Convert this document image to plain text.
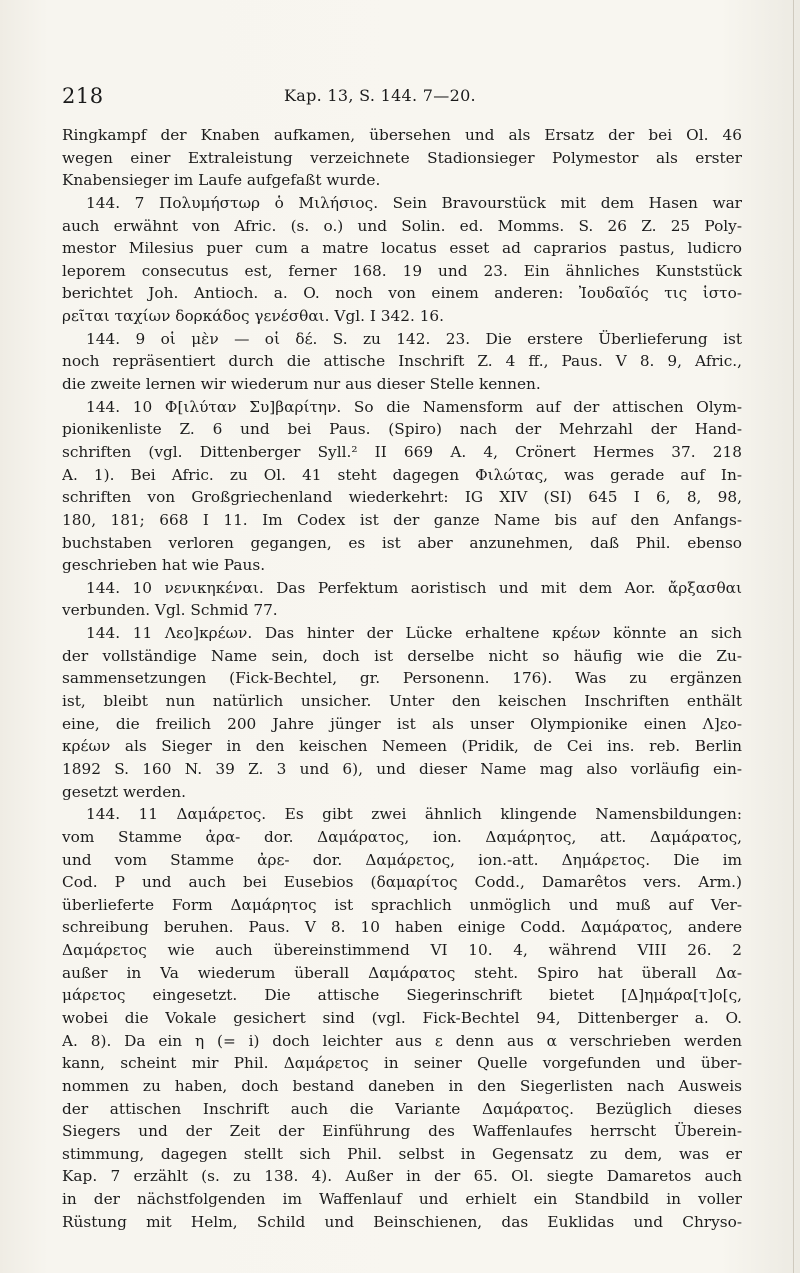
218	Kap. 13, S. 144. 7—20.
Ringkampf der Knaben aufkamen, übersehen und als Ersatz der bei Ol. 46
wegen einer Extraleistung verzeichnete Stadionsieger Polymestor als erster
Knabensieger im Laufe aufgefaßt wurde.
144. 7 Πολυμήστωρ ὁ Μιλήσιος. Sein Bravourstück mit dem Hasen war
auch erwähnt von Afric. (s. o.) und Solin. ed. Momms. S. 26 Z. 25 Poly-
mestor Milesius puer cum a matre locatus esset ad caprarios pastus, ludicro
leporem consecutus est, ferner 168. 19 und 23. Ein ähnliches Kunststück
berichtet Joh. Antioch. a. O. noch von einem anderen: Ἰουδαῖός τις ἱστο-
ρεῖται ταχίων δορκάδος γενέσθαι. Vgl. I 342. 16.
144. 9 οἱ μὲν — οἱ δέ. S. zu 142. 23. Die erstere Überlieferung ist
noch repräsentiert durch die attische Inschrift Z. 4 ff., Paus. V 8. 9, Afric.,
die zweite lernen wir wiederum nur aus dieser Stelle kennen.
144. 10 Φ[ιλύταν Συ]βαρίτην. So die Namensform auf der attischen Olym-
pionikenliste Z. 6 und bei Paus. (Spiro) nach der Mehrzahl der Hand-
schriften (vgl. Dittenberger Syll.² II 669 A. 4, Crönert Hermes 37. 218
A. 1). Bei Afric. zu Ol. 41 steht dagegen Φιλώτας, was gerade auf In-
schriften von Großgriechenland wiederkehrt: IG XIV (SI) 645 I 6, 8, 98,
180, 181; 668 I 11. Im Codex ist der ganze Name bis auf den Anfangs-
buchstaben verloren gegangen, es ist aber anzunehmen, daß Phil. ebenso
geschrieben hat wie Paus.
144. 10 νενικηκέναι. Das Perfektum aoristisch und mit dem Aor. ἄρξασθαι
verbunden. Vgl. Schmid 77.
144. 11 Λεο]κρέων. Das hinter der Lücke erhaltene κρέων könnte an sich
der vollständige Name sein, doch ist derselbe nicht so häufig wie die Zu-
sammensetzungen (Fick-Bechtel, gr. Personenn. 176). Was zu ergänzen
ist, bleibt nun natürlich unsicher. Unter den keischen Inschriften enthält
eine, die freilich 200 Jahre jünger ist als unser Olympionike einen Λ]εο-
κρέων als Sieger in den keischen Nemeen (Pridik, de Cei ins. reb. Berlin
1892 S. 160 N. 39 Z. 3 und 6), und dieser Name mag also vorläufig ein-
gesetzt werden.
144. 11 Δαμάρετος. Es gibt zwei ähnlich klingende Namensbildungen:
vom Stamme ἀρα- dor. Δαμάρατος, ion. Δαμάρητος, att. Δαμάρατος,
und vom Stamme ἀρε- dor. Δαμάρετος, ion.-att. Δημάρετος. Die im
Cod. P und auch bei Eusebios (δαμαρίτος Codd., Damarêtos vers. Arm.)
überlieferte Form Δαμάρητος ist sprachlich unmöglich und muß auf Ver-
schreibung beruhen. Paus. V 8. 10 haben einige Codd. Δαμάρατος, andere
Δαμάρετος wie auch übereinstimmend VI 10. 4, während VIII 26. 2
außer in Va wiederum überall Δαμάρατος steht. Spiro hat überall Δα-
μάρετος eingesetzt. Die attische Siegerinschrift bietet [Δ]ημάρα[τ]ο[ς,
wobei die Vokale gesichert sind (vgl. Fick-Bechtel 94, Dittenberger a. O.
A. 8). Da ein η (= i) doch leichter aus ε denn aus α verschrieben werden
kann, scheint mir Phil. Δαμάρετος in seiner Quelle vorgefunden und über-
nommen zu haben, doch bestand daneben in den Siegerlisten nach Ausweis
der attischen Inschrift auch die Variante Δαμάρατος. Bezüglich dieses
Siegers und der Zeit der Einführung des Waffenlaufes herrscht Überein-
stimmung, dagegen stellt sich Phil. selbst in Gegensatz zu dem, was er
Kap. 7 erzählt (s. zu 138. 4). Außer in der 65. Ol. siegte Damaretos auch
in der nächstfolgenden im Waffenlauf und erhielt ein Standbild in voller
Rüstung mit Helm, Schild und Beinschienen, das Euklidas und Chryso-
